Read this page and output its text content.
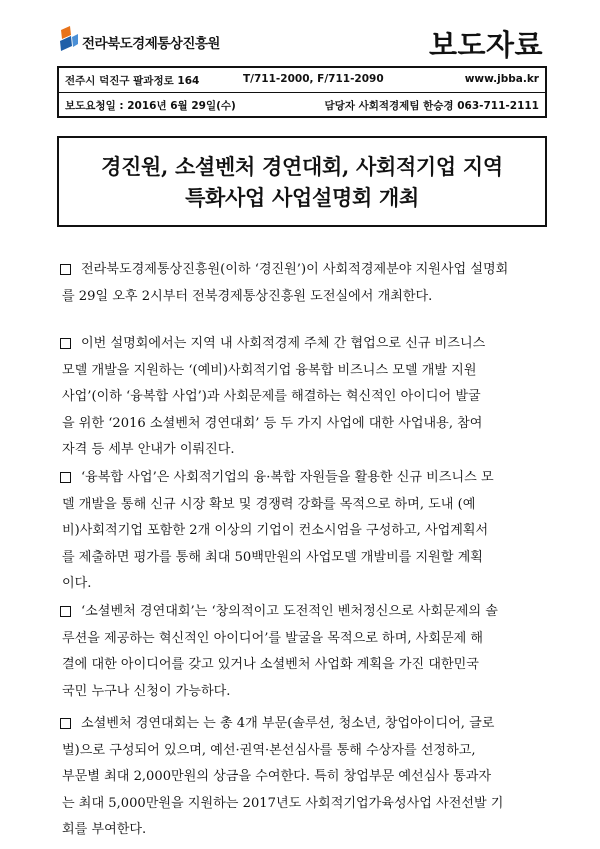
전라북도경제통상진흥원	보도자료
전주시 덕진구 팔과정로 164	T/711-2000, F/711-2090	www.jbba.kr
보도요청일 : 2016년 6월 29일(수)	담당자 사회적경제팀 한승경 063-711-2111
경진원, 소셜벤처 경연대회, 사회적기업 지역
특화사업 사업설명회 개최
전라북도경제통상진흥원(이하 ‘경진원’)이 사회적경제분야 지원사업 설명회
를 29일 오후 2시부터 전북경제통상진흥원 도전실에서 개최한다.
이번 설명회에서는 지역 내 사회적경제 주체 간 협업으로 신규 비즈니스
모델 개발을 지원하는 ‘(예비)사회적기업 융복합 비즈니스 모델 개발 지원
사업’(이하 ‘융복합 사업’)과 사회문제를 해결하는 혁신적인 아이디어 발굴
을 위한 ‘2016 소셜벤처 경연대회’ 등 두 가지 사업에 대한 사업내용, 참여
자격 등 세부 안내가 이뤄진다.
‘융복합 사업’은 사회적기업의 융·복합 자원들을 활용한 신규 비즈니스 모
델 개발을 통해 신규 시장 확보 및 경쟁력 강화를 목적으로 하며, 도내 (예
비)사회적기업 포함한 2개 이상의 기업이 컨소시엄을 구성하고, 사업계획서
를 제출하면 평가를 통해 최대 50백만원의 사업모델 개발비를 지원할 계획
이다.
‘소셜벤처 경연대회’는 ‘창의적이고 도전적인 벤처정신으로 사회문제의 솔
루션을 제공하는 혁신적인 아이디어’를 발굴을 목적으로 하며, 사회문제 해
결에 대한 아이디어를 갖고 있거나 소셜벤처 사업화 계획을 가진 대한민국
국민 누구나 신청이 가능하다.
소셜벤처 경연대회는 는 총 4개 부문(솔루션, 청소년, 창업아이디어, 글로
벌)으로 구성되어 있으며, 예선·권역·본선심사를 통해 수상자를 선정하고,
부문별 최대 2,000만원의 상금을 수여한다. 특히 창업부문 예선심사 통과자
는 최대 5,000만원을 지원하는 2017년도 사회적기업가육성사업 사전선발 기
회를 부여한다.
